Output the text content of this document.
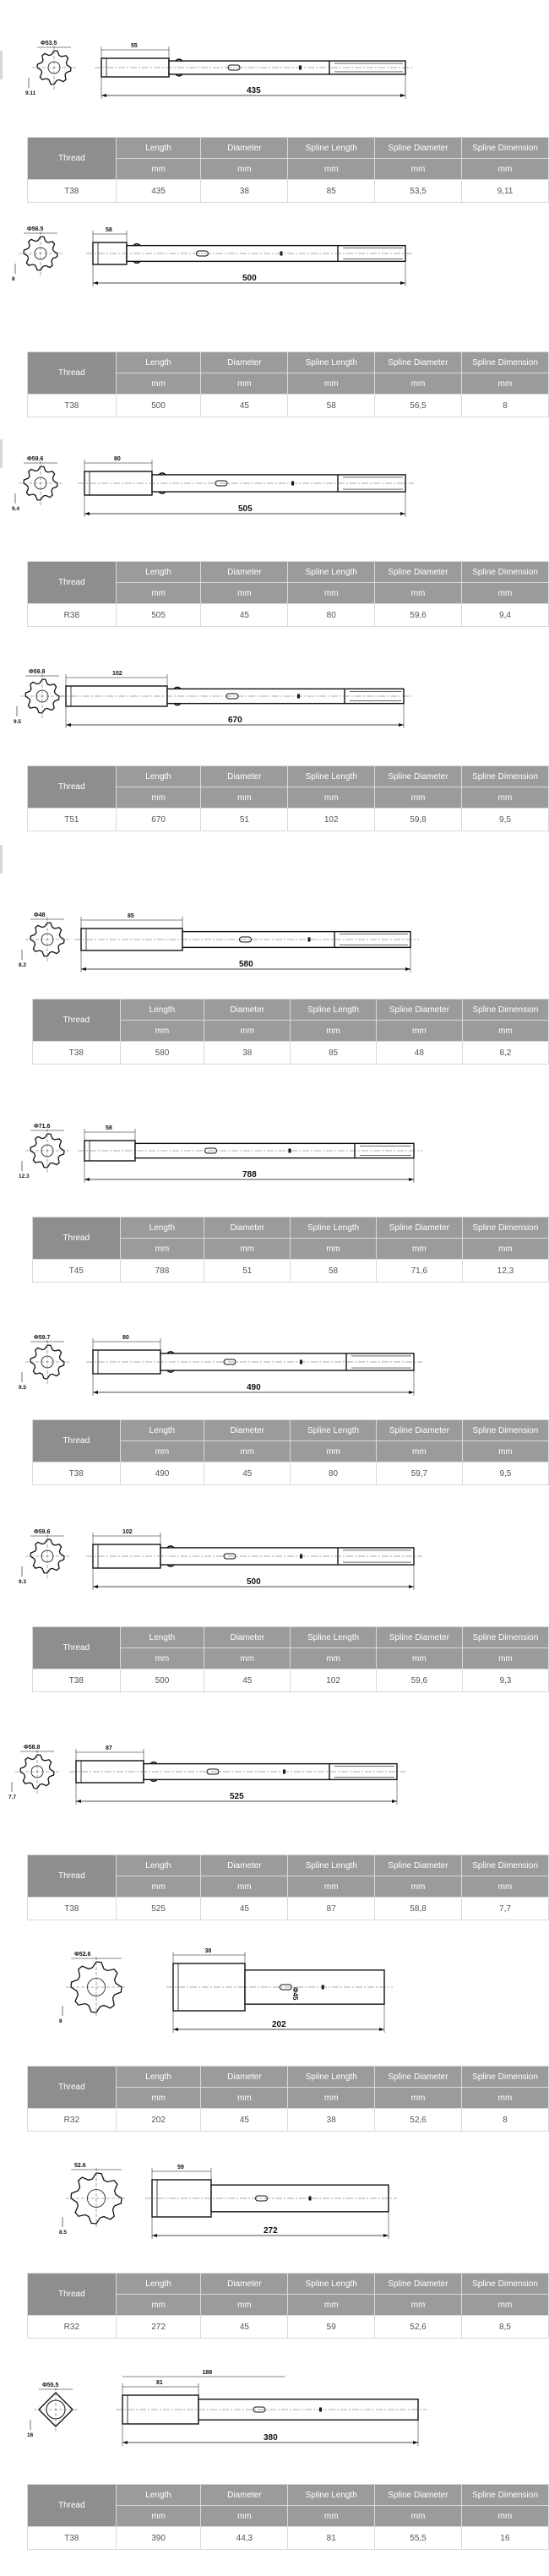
Φ53.5
9.11
55
435
Thread	Length	Diameter	Spline Length	Spline Diameter	Spline Dimension
	mm	mm	mm	mm	mm
T38	435	38	85	53,5	9,11
Φ56.5
8
58
500
Thread	Length	Diameter	Spline Length	Spline Diameter	Spline Dimension
	mm	mm	mm	mm	mm
T38	500	45	58	56,5	8
Φ59.6
9.4
80
505
Thread	Length	Diameter	Spline Length	Spline Diameter	Spline Dimension
	mm	mm	mm	mm	mm
R38	505	45	80	59,6	9,4
Φ59.8
9.5
102
670
Thread	Length	Diameter	Spline Length	Spline Diameter	Spline Dimension
	mm	mm	mm	mm	mm
T51	670	51	102	59,8	9,5
Φ48
8.2
85
580
Thread	Length	Diameter	Spline Length	Spline Diameter	Spline Dimension
	mm	mm	mm	mm	mm
T38	580	38	85	48	8,2
Φ71.6
12.3
58
788
Thread	Length	Diameter	Spline Length	Spline Diameter	Spline Dimension
	mm	mm	mm	mm	mm
T45	788	51	58	71,6	12,3
Φ59.7
9.5
80
490
Thread	Length	Diameter	Spline Length	Spline Diameter	Spline Dimension
	mm	mm	mm	mm	mm
T38	490	45	80	59,7	9,5
Φ59.6
9.3
102
500
Thread	Length	Diameter	Spline Length	Spline Diameter	Spline Dimension
	mm	mm	mm	mm	mm
T38	500	45	102	59,6	9,3
Φ58.8
7.7
87
525
Thread	Length	Diameter	Spline Length	Spline Diameter	Spline Dimension
	mm	mm	mm	mm	mm
T38	525	45	87	58,8	7,7
Φ52.6
8
38
Φ45
202
Thread	Length	Diameter	Spline Length	Spline Diameter	Spline Dimension
	mm	mm	mm	mm	mm
R32	202	45	38	52,6	8
52.6
8.5
59
272
Thread	Length	Diameter	Spline Length	Spline Diameter	Spline Dimension
	mm	mm	mm	mm	mm
R32	272	45	59	52,6	8,5
Φ55.5
16
81
188
380
Thread	Length	Diameter	Spline Length	Spline Diameter	Spline Dimension
	mm	mm	mm	mm	mm
T38	390	44,3	81	55,5	16
